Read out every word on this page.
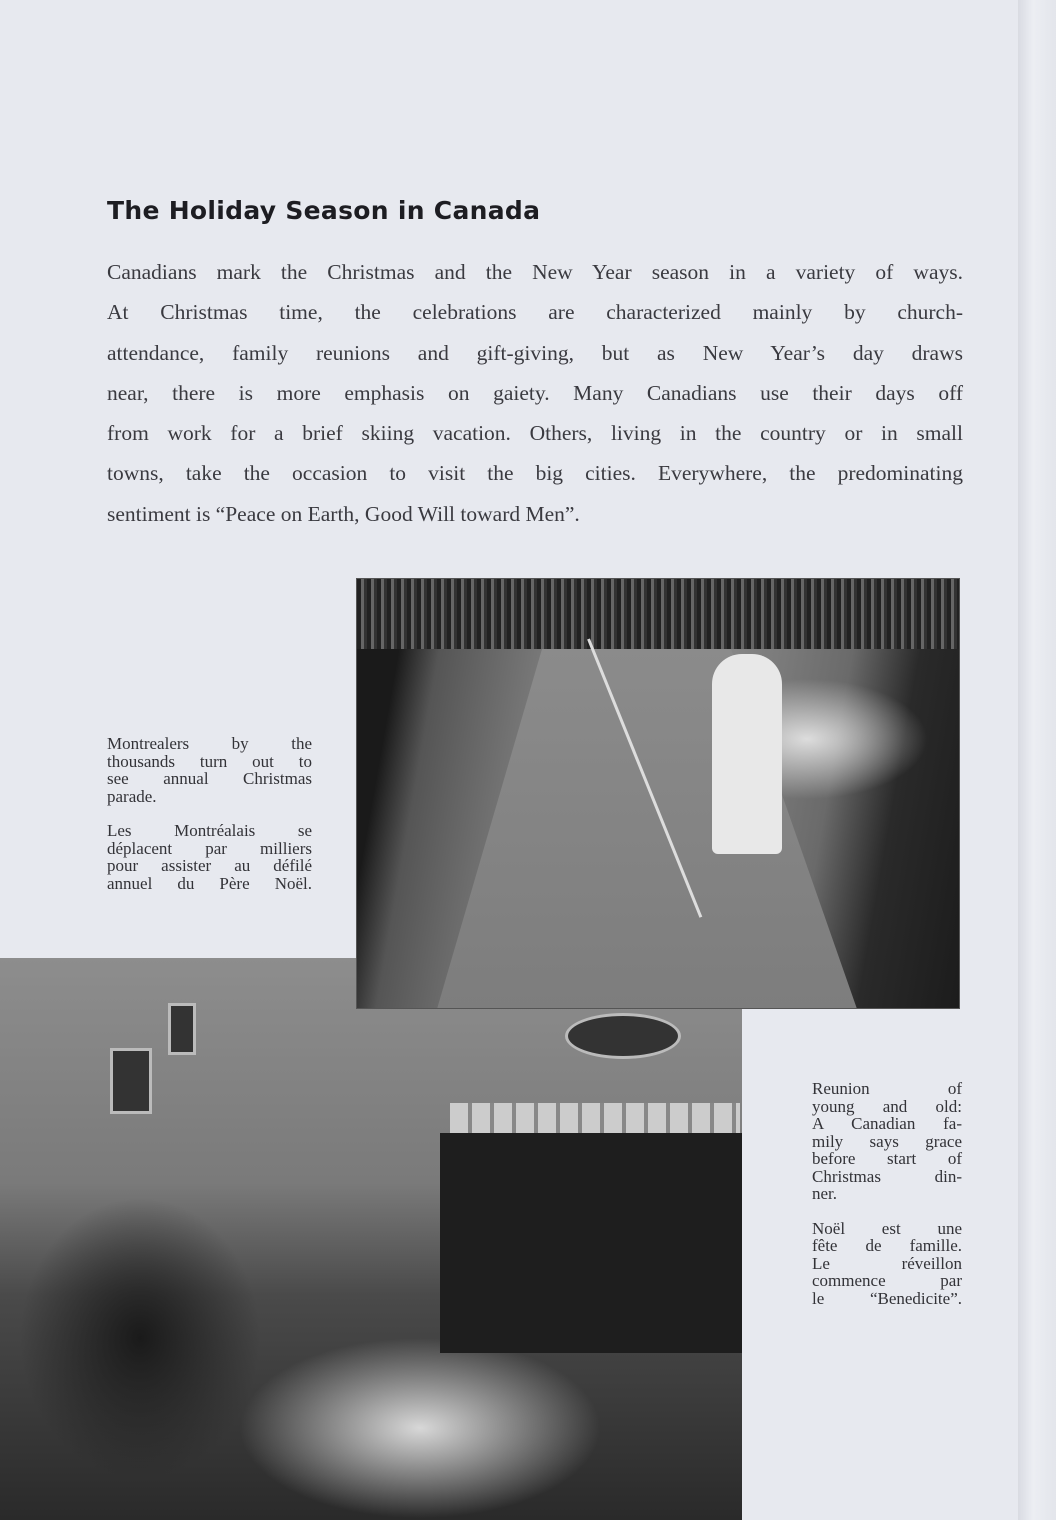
The Holiday Season in Canada
Canadians mark the Christmas and the New Year season in a variety of ways.
At Christmas time, the celebrations are characterized mainly by church-
attendance, family reunions and gift-giving, but as New Year’s day draws
near, there is more emphasis on gaiety. Many Canadians use their days off
from work for a brief skiing vacation. Others, living in the country or in small
towns, take the occasion to visit the big cities. Everywhere, the predominating
sentiment is “Peace on Earth, Good Will toward Men”.
Montrealers by the
thousands turn out to
see annual Christmas
parade.
Les Montréalais se
déplacent par milliers
pour assister au défilé
annuel du Père Noël.
Reunion of
young and old:
A Canadian fa-
mily says grace
before start of
Christmas din-
ner.
Noël est une
fête de famille.
Le réveillon
commence par
le “Benedicite”.
